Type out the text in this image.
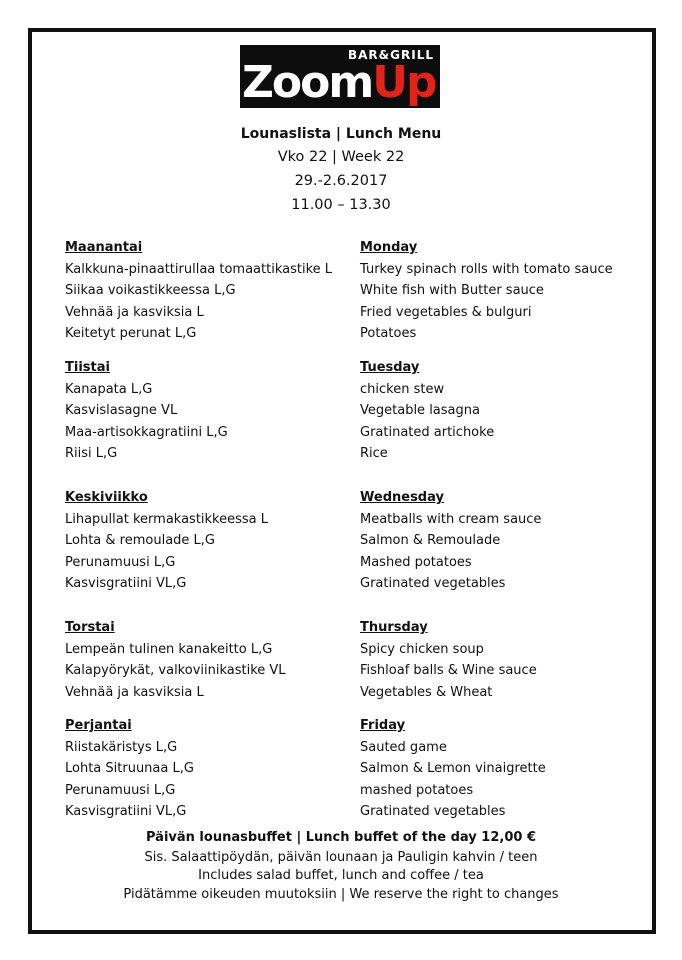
BAR&GRILL
ZoomUp
Lounaslista | Lunch Menu
Vko 22 | Week 22
29.-2.6.2017
11.00 – 13.30
Maanantai
Kalkkuna-pinaattirullaa tomaattikastike L
Siikaa voikastikkeessa L,G
Vehnää ja kasviksia L
Keitetyt perunat L,G
Monday
Turkey spinach rolls with tomato sauce
White fish with Butter sauce
Fried vegetables & bulguri
Potatoes
Tiistai
Kanapata L,G
Kasvislasagne VL
Maa-artisokkagratiini L,G
Riisi L,G
Tuesday
chicken stew
Vegetable lasagna
Gratinated artichoke
Rice
Keskiviikko
Lihapullat kermakastikkeessa L
Lohta & remoulade L,G
Perunamuusi L,G
Kasvisgratiini VL,G
Wednesday
Meatballs with cream sauce
Salmon & Remoulade
Mashed potatoes
Gratinated vegetables
Torstai
Lempeän tulinen kanakeitto L,G
Kalapyörykät, valkoviinikastike VL
Vehnää ja kasviksia L
Thursday
Spicy chicken soup
Fishloaf balls & Wine sauce
Vegetables & Wheat
Perjantai
Riistakäristys L,G
Lohta Sitruunaa L,G
Perunamuusi L,G
Kasvisgratiini VL,G
Friday
Sauted game
Salmon & Lemon vinaigrette
mashed potatoes
Gratinated vegetables
Päivän lounasbuffet | Lunch buffet of the day 12,00 €
Sis. Salaattipöydän, päivän lounaan ja Pauligin kahvin / teen
Includes salad buffet, lunch and coffee / tea
Pidätämme oikeuden muutoksiin | We reserve the right to changes
